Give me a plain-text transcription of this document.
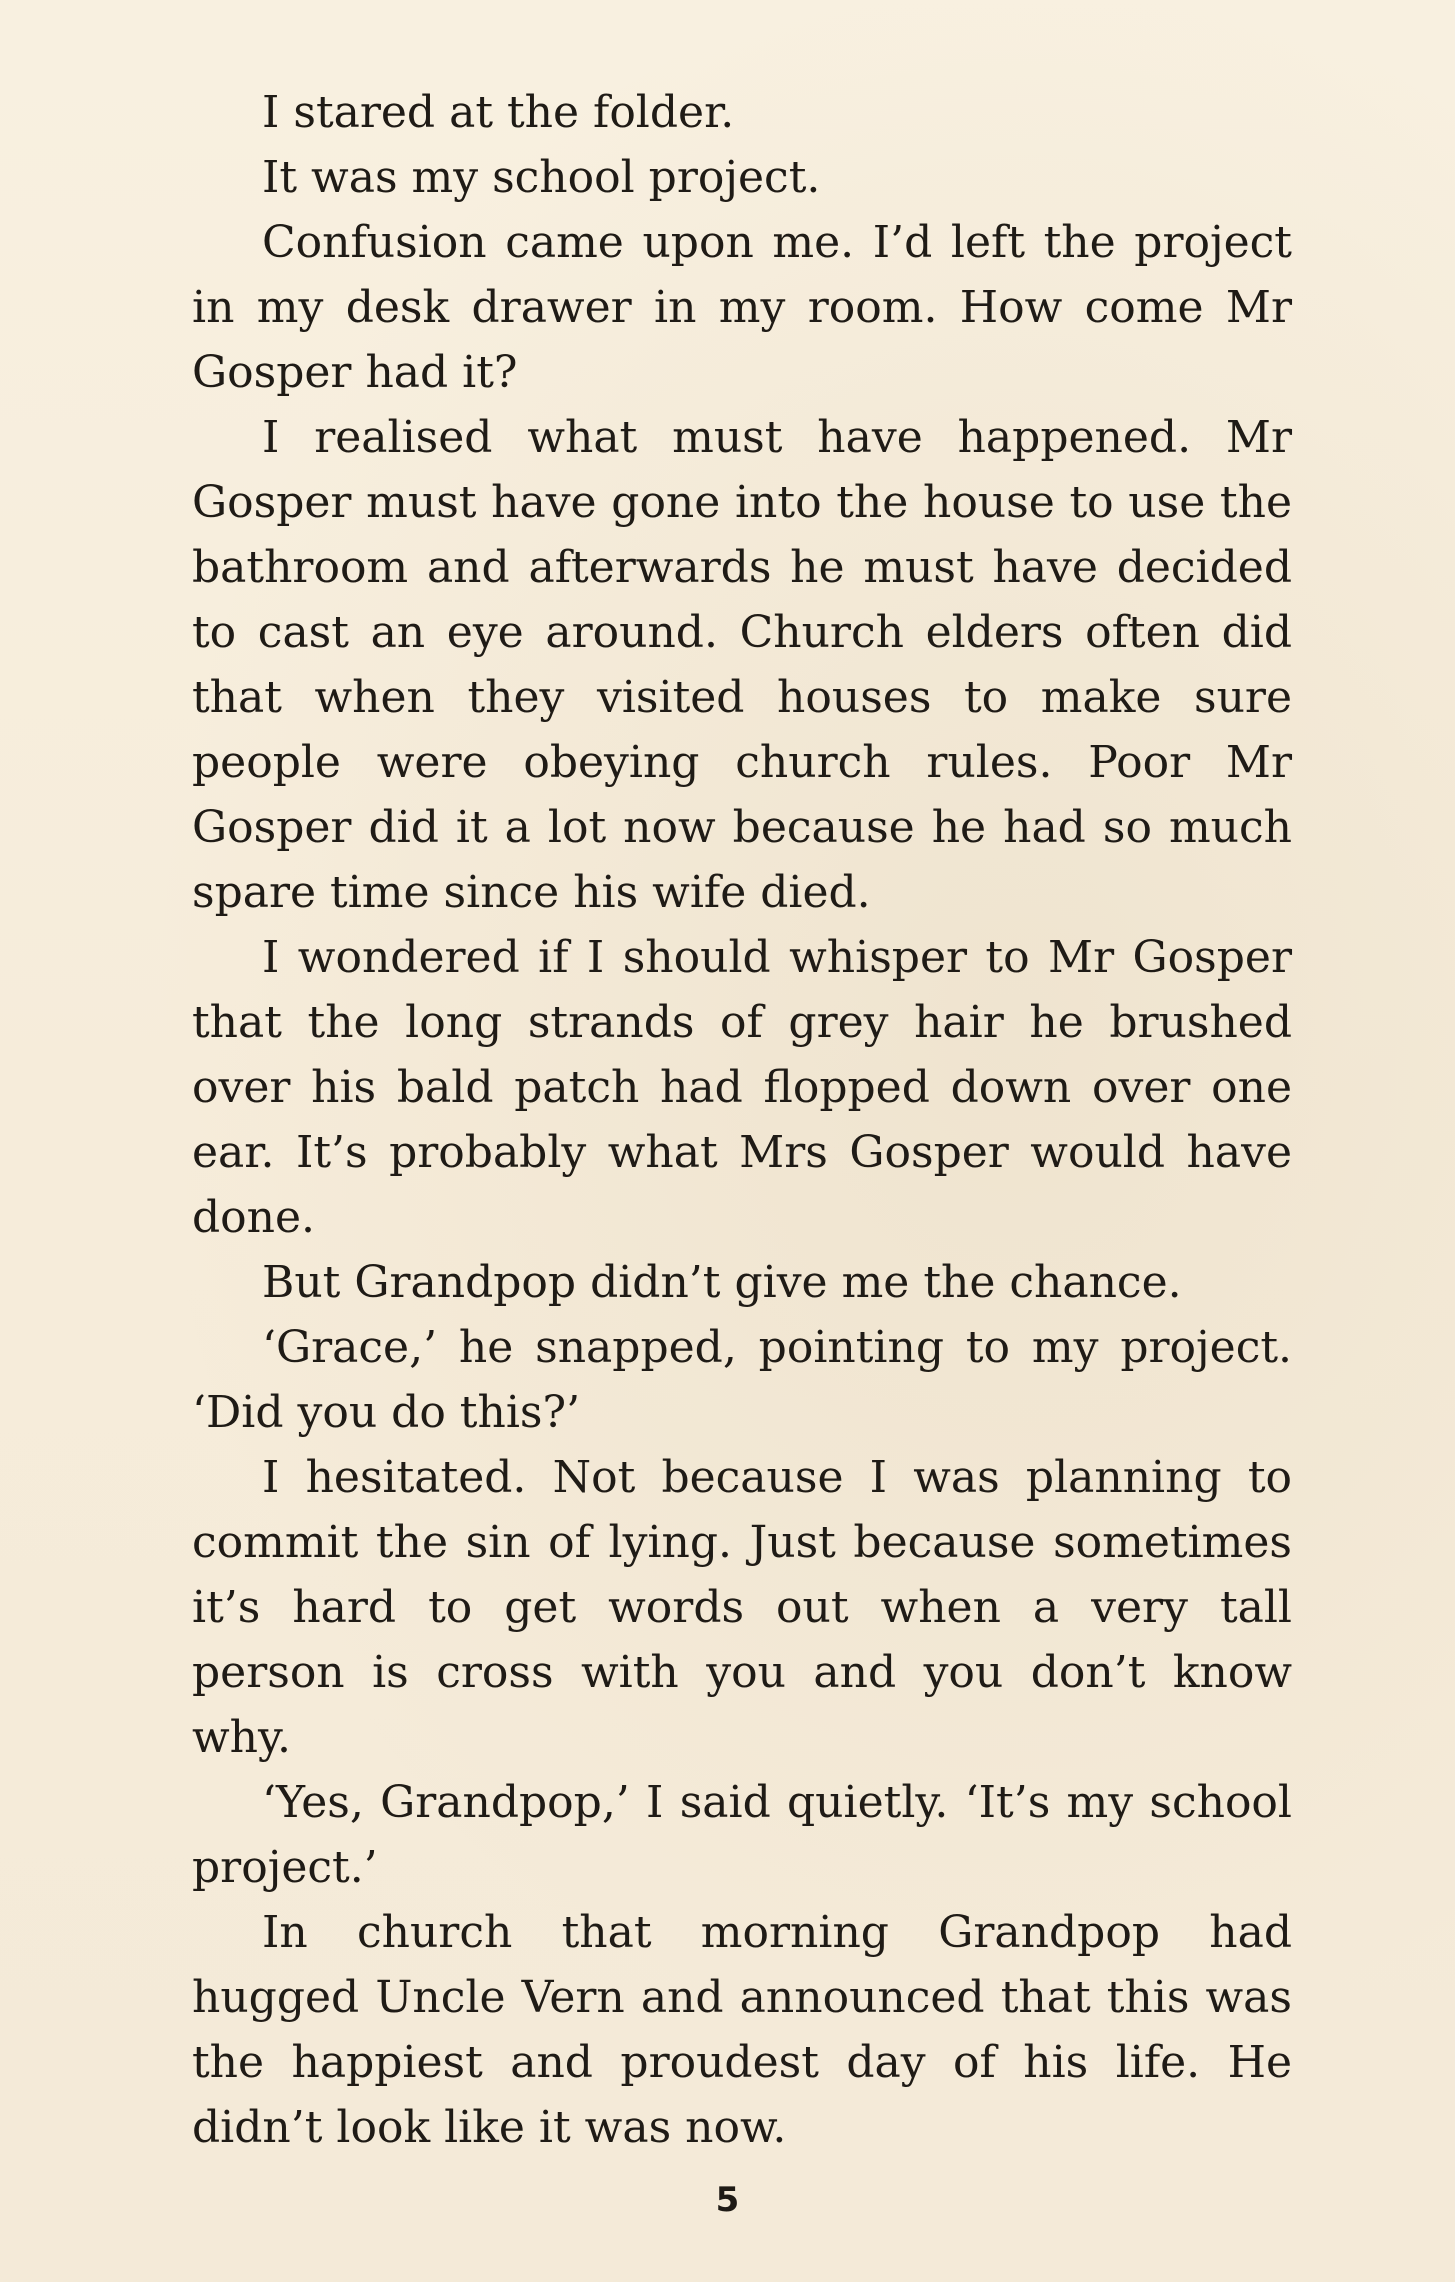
I stared at the folder.

It was my school project.

Confusion came upon me. I’d left the project in my desk drawer in my room. How come Mr Gosper had it?

I realised what must have happened. Mr Gosper must have gone into the house to use the bathroom and afterwards he must have decided to cast an eye around. Church elders often did that when they visited houses to make sure people were obeying church rules. Poor Mr Gosper did it a lot now because he had so much spare time since his wife died.

I wondered if I should whisper to Mr Gosper that the long strands of grey hair he brushed over his bald patch had flopped down over one ear. It’s probably what Mrs Gosper would have done.

But Grandpop didn’t give me the chance.

‘Grace,’ he snapped, pointing to my project. ‘Did you do this?’

I hesitated. Not because I was planning to commit the sin of lying. Just because sometimes it’s hard to get words out when a very tall person is cross with you and you don’t know why.

‘Yes, Grandpop,’ I said quietly. ‘It’s my school project.’

In church that morning Grandpop had hugged Uncle Vern and announced that this was the happiest and proudest day of his life. He didn’t look like it was now.

5
